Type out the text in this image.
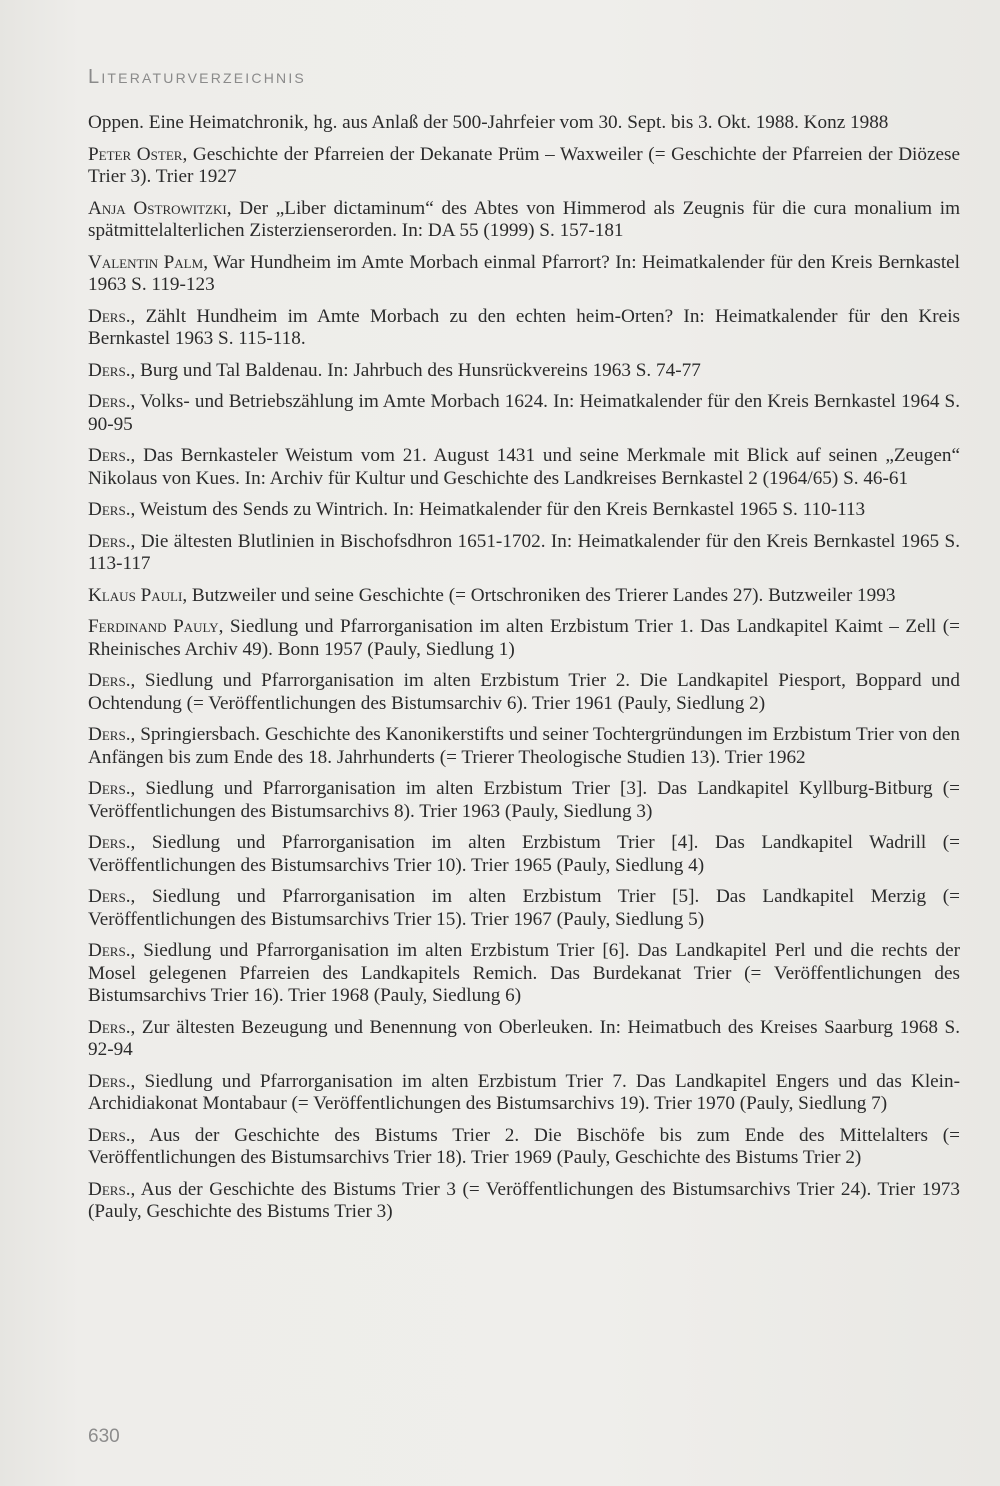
Literaturverzeichnis

Oppen. Eine Heimatchronik, hg. aus Anlaß der 500-Jahrfeier vom 30. Sept. bis 3. Okt. 1988. Konz 1988

Peter Oster, Geschichte der Pfarreien der Dekanate Prüm – Waxweiler (= Geschichte der Pfarreien der Diözese Trier 3). Trier 1927

Anja Ostrowitzki, Der „Liber dictaminum“ des Abtes von Himmerod als Zeugnis für die cura monalium im spätmittelalterlichen Zisterzienserorden. In: DA 55 (1999) S. 157-181

Valentin Palm, War Hundheim im Amte Morbach einmal Pfarrort? In: Heimatkalender für den Kreis Bernkastel 1963 S. 119-123

Ders., Zählt Hundheim im Amte Morbach zu den echten heim-Orten? In: Heimatkalender für den Kreis Bernkastel 1963 S. 115-118.

Ders., Burg und Tal Baldenau. In: Jahrbuch des Hunsrückvereins 1963 S. 74-77

Ders., Volks- und Betriebszählung im Amte Morbach 1624. In: Heimatkalender für den Kreis Bernkastel 1964 S. 90-95

Ders., Das Bernkasteler Weistum vom 21. August 1431 und seine Merkmale mit Blick auf seinen „Zeugen“ Nikolaus von Kues. In: Archiv für Kultur und Geschichte des Landkreises Bernkastel 2 (1964/65) S. 46-61

Ders., Weistum des Sends zu Wintrich. In: Heimatkalender für den Kreis Bernkastel 1965 S. 110-113

Ders., Die ältesten Blutlinien in Bischofsdhron 1651-1702. In: Heimatkalender für den Kreis Bernkastel 1965 S. 113-117

Klaus Pauli, Butzweiler und seine Geschichte (= Ortschroniken des Trierer Landes 27). Butzweiler 1993

Ferdinand Pauly, Siedlung und Pfarrorganisation im alten Erzbistum Trier 1. Das Landkapitel Kaimt – Zell (= Rheinisches Archiv 49). Bonn 1957 (Pauly, Siedlung 1)

Ders., Siedlung und Pfarrorganisation im alten Erzbistum Trier 2. Die Landkapitel Piesport, Boppard und Ochtendung (= Veröffentlichungen des Bistumsarchiv 6). Trier 1961 (Pauly, Siedlung 2)

Ders., Springiersbach. Geschichte des Kanonikerstifts und seiner Tochtergründungen im Erzbistum Trier von den Anfängen bis zum Ende des 18. Jahrhunderts (= Trierer Theologische Studien 13). Trier 1962

Ders., Siedlung und Pfarrorganisation im alten Erzbistum Trier [3]. Das Landkapitel Kyllburg-Bitburg (= Veröffentlichungen des Bistumsarchivs 8). Trier 1963 (Pauly, Siedlung 3)

Ders., Siedlung und Pfarrorganisation im alten Erzbistum Trier [4]. Das Landkapitel Wadrill (= Veröffentlichungen des Bistumsarchivs Trier 10). Trier 1965 (Pauly, Siedlung 4)

Ders., Siedlung und Pfarrorganisation im alten Erzbistum Trier [5]. Das Landkapitel Merzig (= Veröffentlichungen des Bistumsarchivs Trier 15). Trier 1967 (Pauly, Siedlung 5)

Ders., Siedlung und Pfarrorganisation im alten Erzbistum Trier [6]. Das Landkapitel Perl und die rechts der Mosel gelegenen Pfarreien des Landkapitels Remich. Das Burdekanat Trier (= Veröffentlichungen des Bistumsarchivs Trier 16). Trier 1968 (Pauly, Siedlung 6)

Ders., Zur ältesten Bezeugung und Benennung von Oberleuken. In: Heimatbuch des Kreises Saarburg 1968 S. 92-94

Ders., Siedlung und Pfarrorganisation im alten Erzbistum Trier 7. Das Landkapitel Engers und das Klein-Archidiakonat Montabaur (= Veröffentlichungen des Bistumsarchivs 19). Trier 1970 (Pauly, Siedlung 7)

Ders., Aus der Geschichte des Bistums Trier 2. Die Bischöfe bis zum Ende des Mittelalters (= Veröffentlichungen des Bistumsarchivs Trier 18). Trier 1969 (Pauly, Geschichte des Bistums Trier 2)

Ders., Aus der Geschichte des Bistums Trier 3 (= Veröffentlichungen des Bistumsarchivs Trier 24). Trier 1973 (Pauly, Geschichte des Bistums Trier 3)

630
